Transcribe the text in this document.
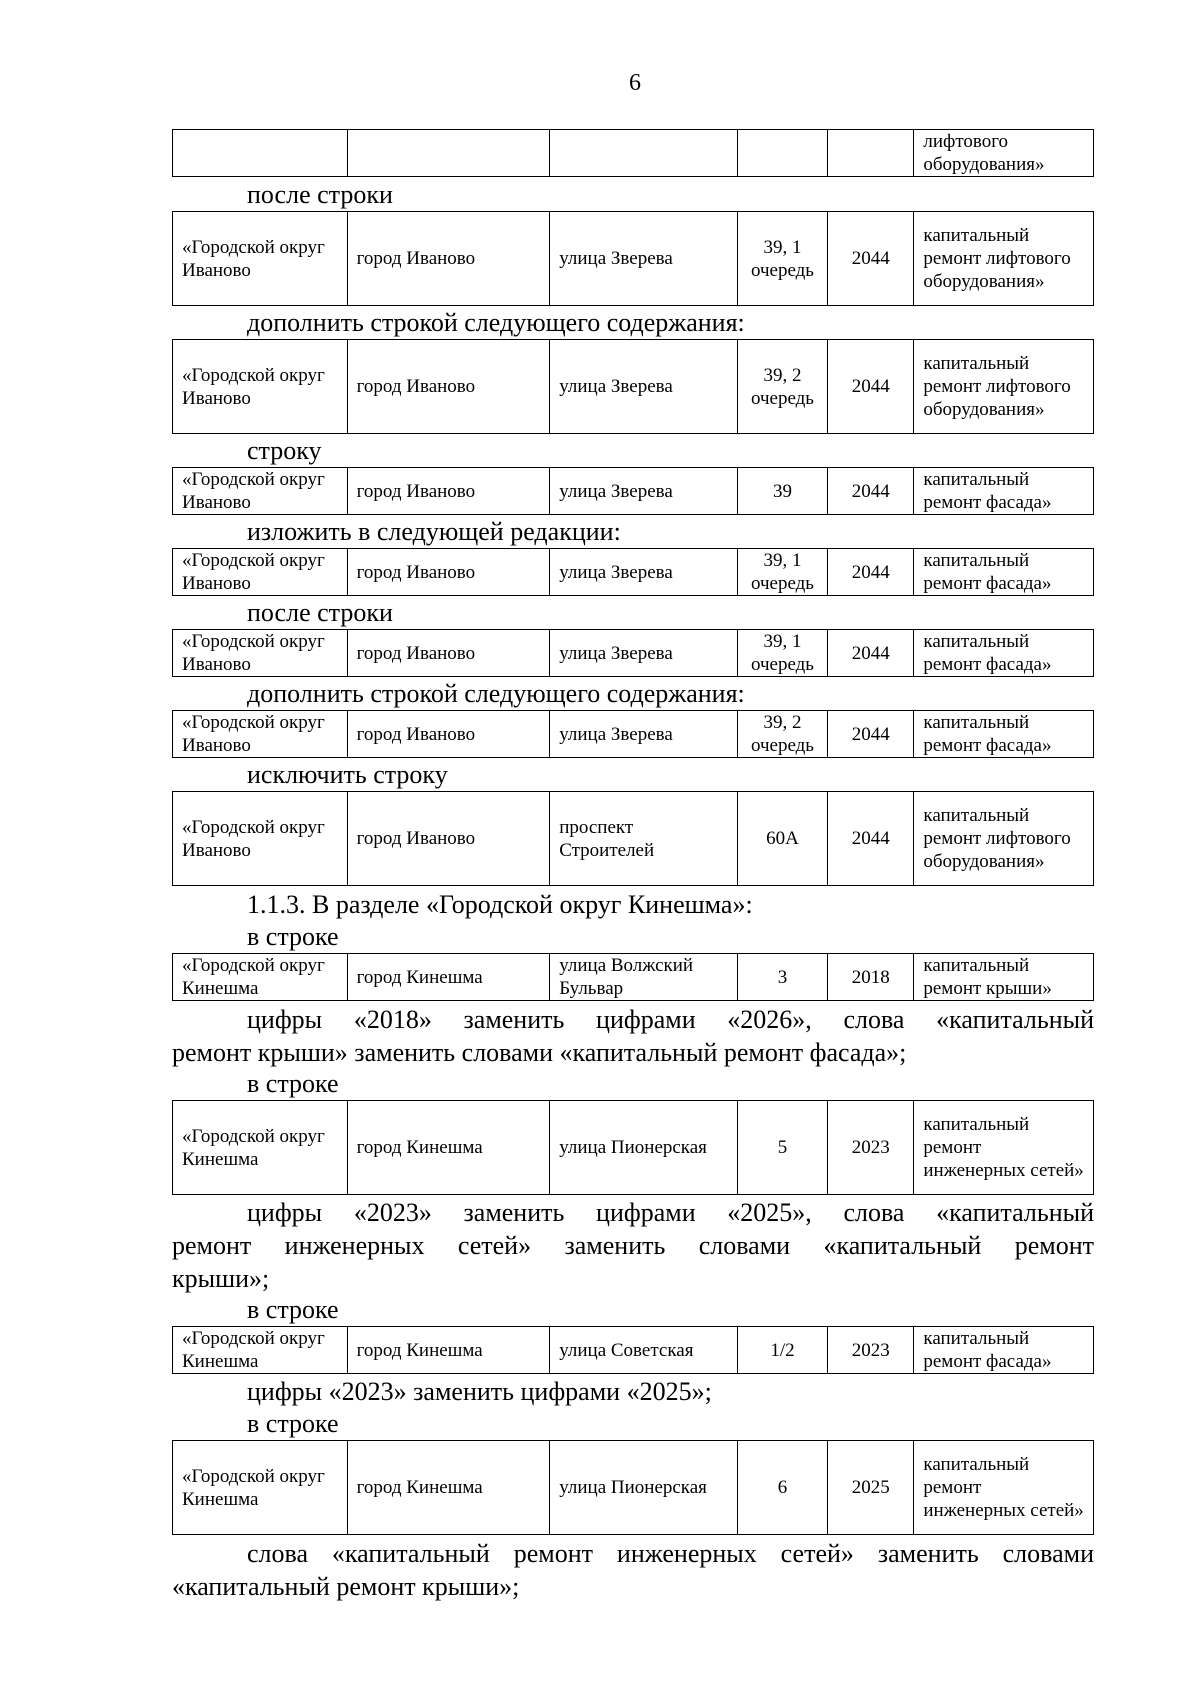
6
					лифтового оборудования»
после строки
«Городской округ Иваново	город Иваново	улица Зверева	39, 1 очередь	2044	капитальный ремонт лифтового оборудования»
дополнить строкой следующего содержания:
«Городской округ Иваново	город Иваново	улица Зверева	39, 2 очередь	2044	капитальный ремонт лифтового оборудования»
строку
«Городской округ Иваново	город Иваново	улица Зверева	39	2044	капитальный ремонт фасада»
изложить в следующей редакции:
«Городской округ Иваново	город Иваново	улица Зверева	39, 1 очередь	2044	капитальный ремонт фасада»
после строки
«Городской округ Иваново	город Иваново	улица Зверева	39, 1 очередь	2044	капитальный ремонт фасада»
дополнить строкой следующего содержания:
«Городской округ Иваново	город Иваново	улица Зверева	39, 2 очередь	2044	капитальный ремонт фасада»
исключить строку
«Городской округ Иваново	город Иваново	проспект Строителей	60А	2044	капитальный ремонт лифтового оборудования»
1.1.3. В разделе «Городской округ Кинешма»:
в строке
«Городской округ Кинешма	город Кинешма	улица Волжский Бульвар	3	2018	капитальный ремонт крыши»
цифры «2018» заменить цифрами «2026», слова «капитальный
ремонт крыши» заменить словами «капитальный ремонт фасада»;
в строке
«Городской округ Кинешма	город Кинешма	улица Пионерская	5	2023	капитальный ремонт инженерных сетей»
цифры «2023» заменить цифрами «2025», слова «капитальный
ремонт инженерных сетей» заменить словами «капитальный ремонт
крыши»;
в строке
«Городской округ Кинешма	город Кинешма	улица Советская	1/2	2023	капитальный ремонт фасада»
цифры «2023» заменить цифрами «2025»;
в строке
«Городской округ Кинешма	город Кинешма	улица Пионерская	6	2025	капитальный ремонт инженерных сетей»
слова «капитальный ремонт инженерных сетей» заменить словами
«капитальный ремонт крыши»;
